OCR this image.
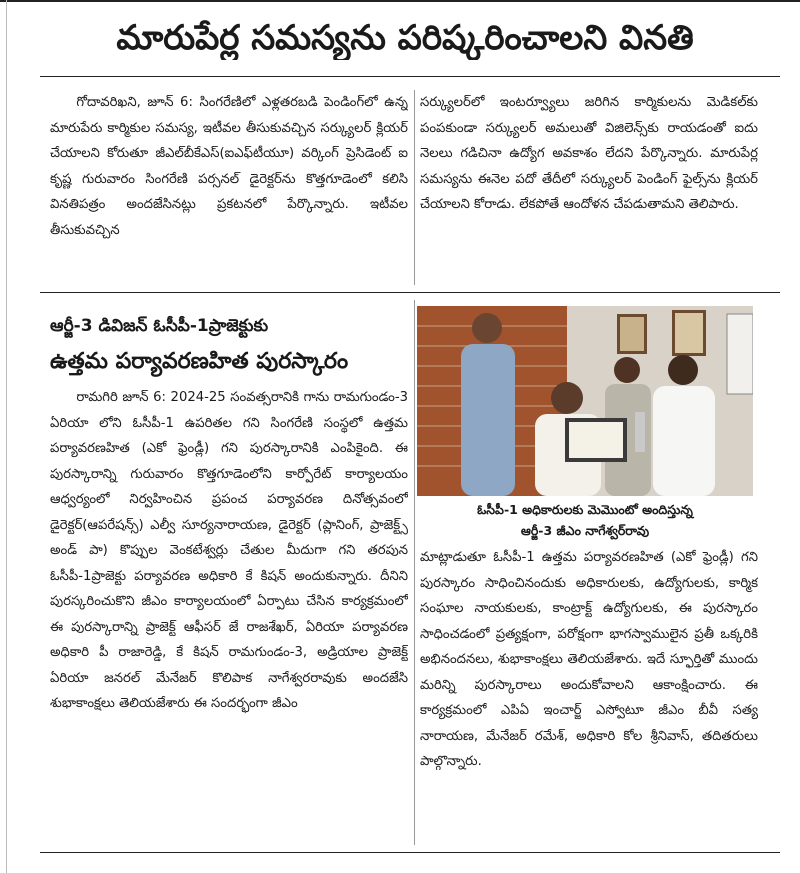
మారుపేర్ల సమస్యను పరిష్కరించాలని వినతి

గోదావరిఖని, జూన్ 6: సింగరేణిలో ఎళ్లతరబడి పెండింగ్‌లో ఉన్న మారుపేరు కార్మికుల సమస్య, ఇటీవల తీసుకువచ్చిన సర్క్యులర్ క్లియర్ చేయాలని కోరుతూ జీఎల్‌బీకేఎస్(ఐఎఫ్‌టీయూ) వర్కింగ్ ప్రెసిడెంట్ ఐ కృష్ణ గురువారం సింగరేణి పర్సనల్ డైరెక్టర్‌ను కొత్తగూడెంలో కలిసి వినతిపత్రం అందజేసినట్లు ప్రకటనలో పేర్కొన్నారు. ఇటీవల తీసుకువచ్చిన

సర్క్యులర్‌లో ఇంటర్వ్యూలు జరిగిన కార్మికులను మెడికల్‌కు పంపకుండా సర్క్యులర్ అమలుతో విజిలెన్స్‌కు రాయడంతో ఐదు నెలలు గడిచినా ఉద్యోగ అవకాశం లేదని పేర్కొన్నారు. మారుపేర్ల సమస్యను ఈనెల పదో తేదీలో సర్క్యులర్ పెండింగ్ ఫైల్స్‌ను క్లియర్ చేయాలని కోరాడు. లేకపోతే ఆందోళన చేపడుతామని తెలిపారు.

ఆర్జీ-3 డివిజన్ ఓసీపీ-1ప్రాజెక్టుకు
ఉత్తమ పర్యావరణహిత పురస్కారం

రామగిరి జూన్ 6: 2024-25 సంవత్సరానికి గాను రామగుండం-3 ఏరియా లోని ఓసీపీ-1 ఉపరితల గని సింగరేణి సంస్థలో ఉత్తమ పర్యావరణహిత (ఎకో ఫ్రెండ్లీ) గని పురస్కారానికి ఎంపికైంది. ఈ పురస్కారాన్ని గురువారం కొత్తగూడెంలోని కార్పోరేట్ కార్యాలయం ఆధ్వర్యంలో నిర్వహించిన ప్రపంచ పర్యావరణ దినోత్సవంలో డైరెక్టర్(ఆపరేషన్స్) ఎల్వీ సూర్యనారాయణ, డైరెక్టర్ (ప్లానింగ్, ప్రాజెక్ట్స్ అండ్ పా) కొప్పుల వెంకటేశ్వర్లు చేతుల మీదుగా గని తరపున ఓసీపీ-1ప్రాజెక్టు పర్యావరణ అధికారి కే కిషన్ అందుకున్నారు. దీనిని పురస్కరించుకొని జీఎం కార్యాలయంలో ఏర్పాటు చేసిన కార్యక్రమంలో ఈ పురస్కారాన్ని ప్రాజెక్ట్ ఆఫీసర్ జే రాజశేఖర్, ఏరియా పర్యావరణ అధికారి పీ రాజారెడ్డి, కే కిషన్ రామగుండం-3, అడ్రియాల ప్రాజెక్ట్ ఏరియా జనరల్ మేనేజర్ కొలిపాక నాగేశ్వరరావుకు అందజేసి శుభాకాంక్షలు తెలియజేశారు ఈ సందర్భంగా జీఎం

ఓసీపీ-1 అధికారులకు మెమొంటో అందిస్తున్న
ఆర్జీ-3 జీఎం నాగేశ్వర్‌రావు

మాట్లాడుతూ ఓసీపీ-1 ఉత్తమ పర్యావరణహిత (ఎకో ఫ్రెండ్లీ) గని పురస్కారం సాధించినందుకు అధికారులకు, ఉద్యోగులకు, కార్మిక సంఘాల నాయకులకు, కాంట్రాక్ట్ ఉద్యోగులకు, ఈ పురస్కారం సాధించడంలో ప్రత్యక్షంగా, పరోక్షంగా భాగస్వాములైన ప్రతీ ఒక్కరికి అభినందనలు, శుభాకాంక్షలు తెలియజేశారు. ఇదే స్ఫూర్తితో ముందు మరిన్ని పురస్కారాలు అందుకోవాలని ఆకాంక్షించారు. ఈ కార్యక్రమంలో ఎపిఏ ఇంచార్జ్ ఎస్వోటూ జీఎం బీవీ సత్య నారాయణ, మేనేజర్ రమేశ్, అధికారి కోల శ్రీనివాస్, తదితరులు పాల్గొన్నారు.
